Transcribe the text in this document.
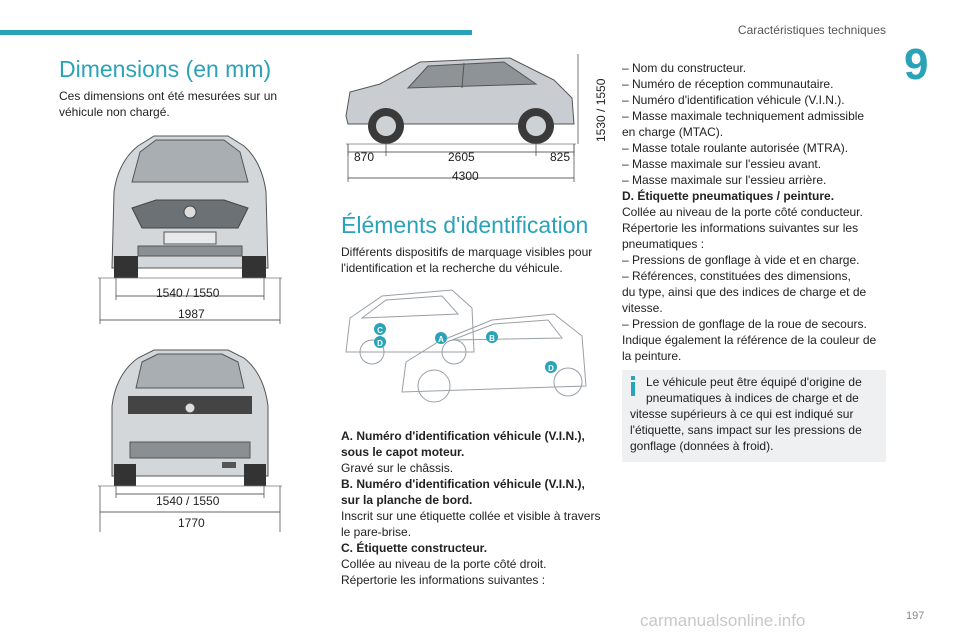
Caractéristiques techniques
9
Dimensions (en mm)

Ces dimensions ont été mesurées sur un
véhicule non chargé.

1540 / 1550
1987
1540 / 1550
1770
1530 / 1550
870	2605	825
4300
Éléments d'identification

Différents dispositifs de marquage visibles pour
l'identification et la recherche du véhicule.

C
D	A	B
D

A. Numéro d'identification véhicule (V.I.N.),
sous le capot moteur.
Gravé sur le châssis.
B. Numéro d'identification véhicule (V.I.N.),
sur la planche de bord.
Inscrit sur une étiquette collée et visible à travers
le pare-brise.
C. Étiquette constructeur.
Collée au niveau de la porte côté droit.
Répertorie les informations suivantes :

– Nom du constructeur.
– Numéro de réception communautaire.
– Numéro d'identification véhicule (V.I.N.).
– Masse maximale techniquement admissible
en charge (MTAC).
– Masse totale roulante autorisée (MTRA).
– Masse maximale sur l'essieu avant.
– Masse maximale sur l'essieu arrière.
D. Étiquette pneumatiques / peinture.
Collée au niveau de la porte côté conducteur.
Répertorie les informations suivantes sur les
pneumatiques :
– Pressions de gonflage à vide et en charge.
– Références, constituées des dimensions,
du type, ainsi que des indices de charge et de
vitesse.
– Pression de gonflage de la roue de secours.
Indique également la référence de la couleur de
la peinture.

Le véhicule peut être équipé d'origine de
pneumatiques à indices de charge et de
vitesse supérieurs à ce qui est indiqué sur
l'étiquette, sans impact sur les pressions de
gonflage (données à froid).
carmanualsonline.info	197
